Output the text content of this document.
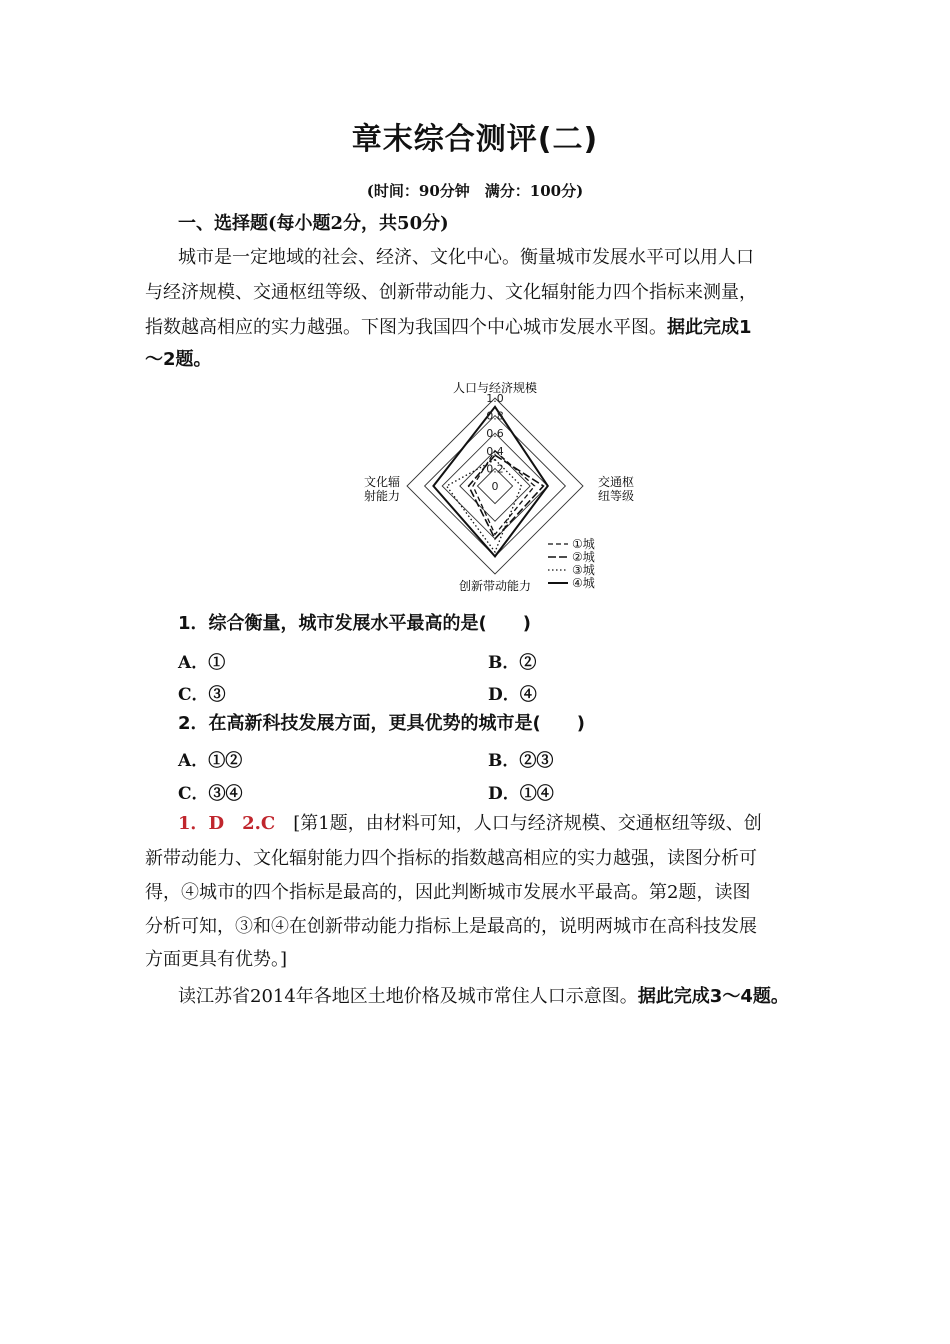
章末综合测评(二)
(时间：90分钟　满分：100分)
一、选择题(每小题2分，共50分)
城市是一定地域的社会、经济、文化中心。衡量城市发展水平可以用人口
与经济规模、交通枢纽等级、创新带动能力、文化辐射能力四个指标来测量，
指数越高相应的实力越强。下图为我国四个中心城市发展水平图。据此完成1
～2题。
0
0.2
0.4
0.6
0.8
1.0
人口与经济规模
交通枢
纽等级
创新带动能力
文化辐
射能力
①城
②城
③城
④城
1．综合衡量，城市发展水平最高的是(　　)
A．①	B．②
C．③	D．④
2．在高新科技发展方面，更具优势的城市是(　　)
A．①②	B．②③
C．③④	D．①④
1．D　2.C [第1题，由材料可知，人口与经济规模、交通枢纽等级、创
新带动能力、文化辐射能力四个指标的指数越高相应的实力越强，读图分析可
得，④城市的四个指标是最高的，因此判断城市发展水平最高。第2题，读图
分析可知，③和④在创新带动能力指标上是最高的，说明两城市在高科技发展
方面更具有优势。]
读江苏省2014年各地区土地价格及城市常住人口示意图。据此完成3～4题。
